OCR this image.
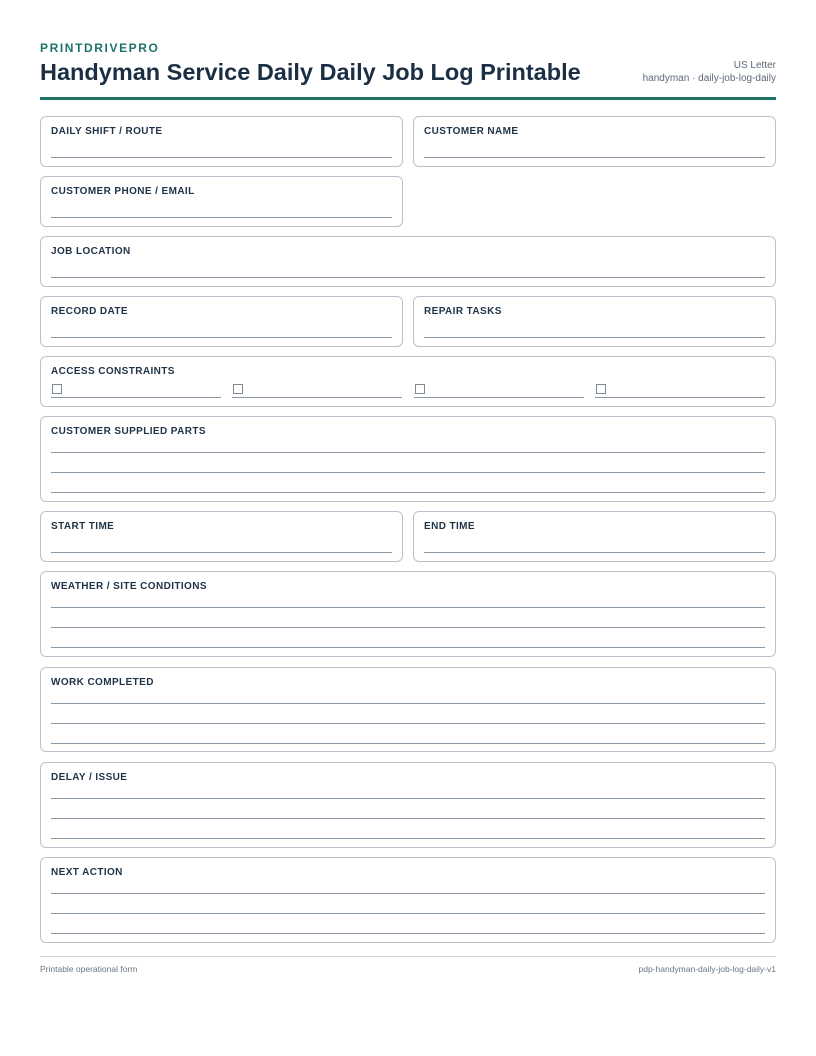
PRINTDRIVEPRO
Handyman Service Daily Daily Job Log Printable	US Letter
handyman · daily-job-log-daily
DAILY SHIFT / ROUTE	CUSTOMER NAME
CUSTOMER PHONE / EMAIL
JOB LOCATION
RECORD DATE	REPAIR TASKS
ACCESS CONSTRAINTS
CUSTOMER SUPPLIED PARTS
START TIME	END TIME
WEATHER / SITE CONDITIONS
WORK COMPLETED
DELAY / ISSUE
NEXT ACTION
Printable operational form	pdp-handyman-daily-job-log-daily-v1
